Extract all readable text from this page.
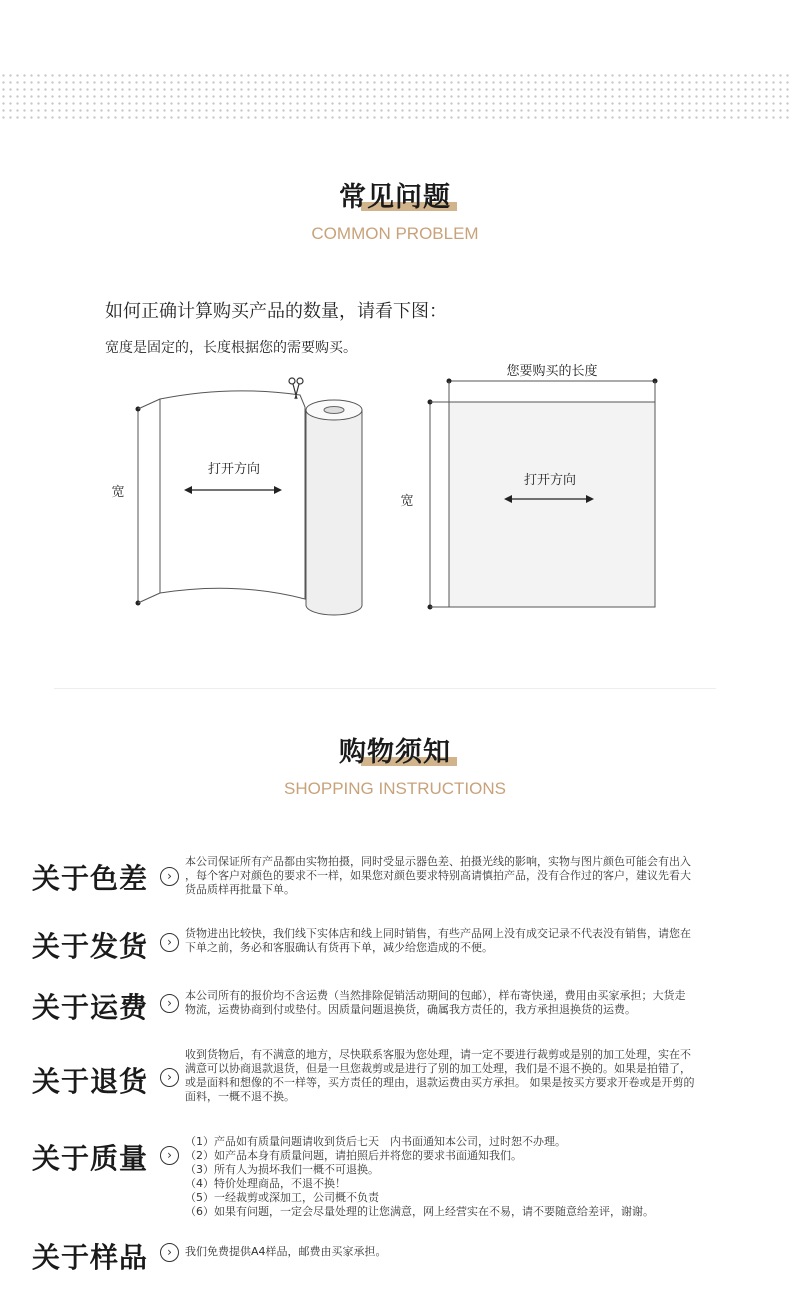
常见问题
COMMON PROBLEM
如何正确计算购买产品的数量，请看下图：
宽度是固定的，长度根据您的需要购买。
宽
打开方向
宽
您要购买的长度
打开方向
购物须知
SHOPPING INSTRUCTIONS
关于色差	›

本公司保证所有产品都由实物拍摄，同时受显示器色差、拍摄光线的影响，实物与图片颜色可能会有出入

，每个客户对颜色的要求不一样，如果您对颜色要求特别高请慎拍产品，没有合作过的客户，建议先看大

货品质样再批量下单。

关于发货	›

货物进出比较快，我们线下实体店和线上同时销售，有些产品网上没有成交记录不代表没有销售，请您在

下单之前，务必和客服确认有货再下单，减少给您造成的不便。

关于运费	›

本公司所有的报价均不含运费（当然排除促销活动期间的包邮），样布寄快递，费用由买家承担；大货走

物流，运费协商到付或垫付。因质量问题退换货，确属我方责任的，我方承担退换货的运费。

关于退货	›

收到货物后，有不满意的地方，尽快联系客服为您处理，请一定不要进行裁剪或是别的加工处理，实在不

满意可以协商退款退货，但是一旦您裁剪或是进行了别的加工处理，我们是不退不换的。如果是拍错了，

或是面料和想像的不一样等，买方责任的理由，退款运费由买方承担。 如果是按买方要求开卷或是开剪的

面料，一概不退不换。

关于质量	›

（1）产品如有质量问题请收到货后七天　内书面通知本公司，过时恕不办理。

（2）如产品本身有质量问题，请拍照后并将您的要求书面通知我们。

（3）所有人为损坏我们一概不可退换。

（4）特价处理商品，不退不换！

（5）一经裁剪或深加工，公司概不负责

（6）如果有问题，一定会尽量处理的让您满意，网上经营实在不易，请不要随意给差评，谢谢。

关于样品	›	我们免费提供A4样品，邮费由买家承担。
